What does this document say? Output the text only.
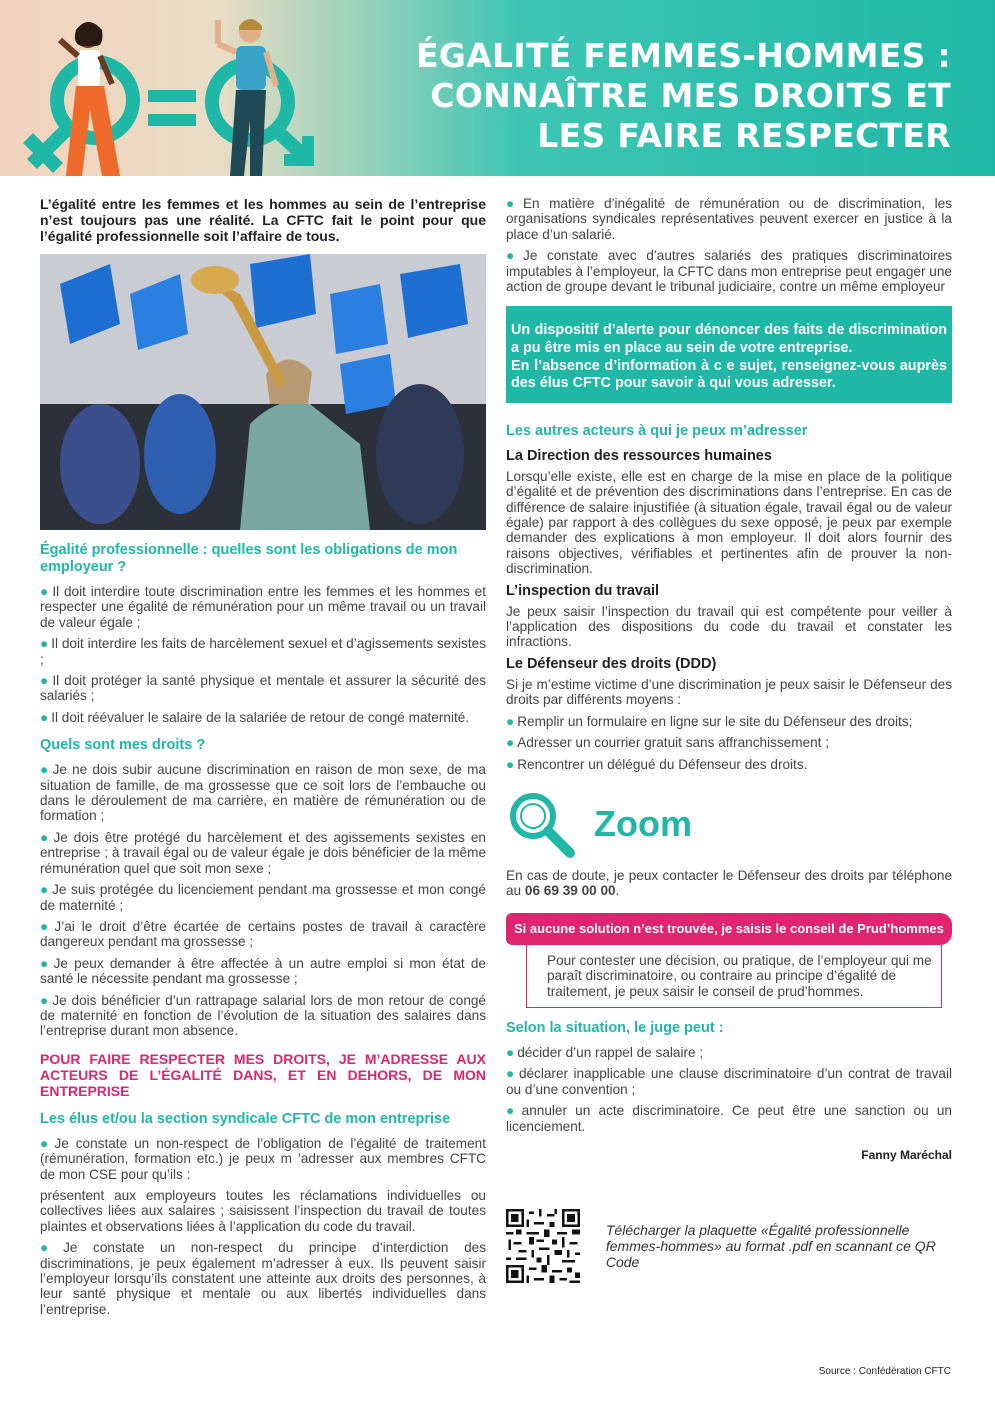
ÉGALITÉ FEMMES-HOMMES :
CONNAÎTRE MES DROITS ET
LES FAIRE RESPECTER

L’égalité entre les femmes et les hommes au sein de l’entreprise n’est toujours pas une réalité. La CFTC fait le point pour que l’égalité professionnelle soit l’affaire de tous.

Égalité professionnelle : quelles sont les obligations de mon employeur ?

● Il doit interdire toute discrimination entre les femmes et les hommes et respecter une égalité de rémunération pour un même travail ou un travail de valeur égale ;

● Il doit interdire les faits de harcèlement sexuel et d’agissements sexistes ;

● Il doit protéger la santé physique et mentale et assurer la sécurité des salariés ;

● Il doit réévaluer le salaire de la salariée de retour de congé maternité.

Quels sont mes droits ?

● Je ne dois subir aucune discrimination en raison de mon sexe, de ma situation de famille, de ma grossesse que ce soit lors de l’embauche ou dans le déroulement de ma carrière, en matière de rémunération ou de formation ;

● Je dois être protégé du harcèlement et des agissements sexistes en entreprise ; à travail égal ou de valeur égale je dois bénéficier de la même rémunération quel que soit mon sexe ;

● Je suis protégée du licenciement pendant ma grossesse et mon congé de maternité ;

● J’ai le droit d’être écartée de certains postes de travail à caractère dangereux pendant ma grossesse ;

● Je peux demander à être affectée à un autre emploi si mon état de santé le nécessite pendant ma grossesse ;

● Je dois bénéficier d’un rattrapage salarial lors de mon retour de congé de maternité en fonction de l’évolution de la situation des salaires dans l’entreprise durant mon absence.

POUR FAIRE RESPECTER MES DROITS, JE M’ADRESSE AUX ACTEURS DE L’ÉGALITÉ DANS, ET EN DEHORS, DE MON ENTREPRISE

Les élus et/ou la section syndicale CFTC de mon entreprise

● Je constate un non-respect de l’obligation de l’égalité de traitement (rémunération, formation etc.) je peux m ’adresser aux membres CFTC de mon CSE pour qu’ils :

présentent aux employeurs toutes les réclamations individuelles ou collectives liées aux salaires ; saisissent l’inspection du travail de toutes plaintes et observations liées à l’application du code du travail.

● Je constate un non-respect du principe d’interdiction des discriminations, je peux également m’adresser à eux. Ils peuvent saisir l’employeur lorsqu’ils constatent une atteinte aux droits des personnes, à leur santé physique et mentale ou aux libertés individuelles dans l’entreprise.

● En matière d’inégalité de rémunération ou de discrimination, les organisations syndicales représentatives peuvent exercer en justice à la place d’un salarié.

● Je constate avec d’autres salariés des pratiques discriminatoires imputables à l’employeur, la CFTC dans mon entreprise peut engager une action de groupe devant le tribunal judiciaire, contre un même employeur

Un dispositif d’alerte pour dénoncer des faits de discrimination a pu être mis en place au sein de votre entreprise.

En l’absence d’information à c e sujet, renseignez-vous auprès des élus CFTC pour savoir à qui vous adresser.

Les autres acteurs à qui je peux m’adresser
La Direction des ressources humaines

Lorsqu’elle existe, elle est en charge de la mise en place de la politique d’égalité et de prévention des discriminations dans l’entreprise. En cas de différence de salaire injustifiée (à situation égale, travail égal ou de valeur égale) par rapport à des collègues du sexe opposé, je peux par exemple demander des explications à mon employeur. Il doit alors fournir des raisons objectives, vérifiables et pertinentes afin de prouver la non-discrimination.

L’inspection du travail

Je peux saisir l’inspection du travail qui est compétente pour veiller à l’application des dispositions du code du travail et constater les infractions.

Le Défenseur des droits (DDD)

Si je m’estime victime d’une discrimination je peux saisir le Défenseur des droits par différents moyens :

● Remplir un formulaire en ligne sur le site du Défenseur des droits;

● Adresser un courrier gratuit sans affranchissement ;

● Rencontrer un délégué du Défenseur des droits.

Zoom

En cas de doute, je peux contacter le Défenseur des droits par téléphone au 06 69 39 00 00.

Si aucune solution n’est trouvée, je saisis le conseil de Prud’hommes
Pour contester une décision, ou pratique, de l’employeur qui me paraît discriminatoire, ou contraire au principe d’égalité de traitement, je peux saisir le conseil de prud’hommes.
Selon la situation, le juge peut :

● décider d’un rappel de salaire ;

● déclarer inapplicable une clause discriminatoire d’un contrat de travail ou d’une convention ;

● annuler un acte discriminatoire. Ce peut être une sanction ou un licenciement.

Fanny Maréchal
Télécharger la plaquette «Égalité professionnelle femmes-hommes» au format .pdf en scannant ce QR Code
Source : Confédération CFTC
